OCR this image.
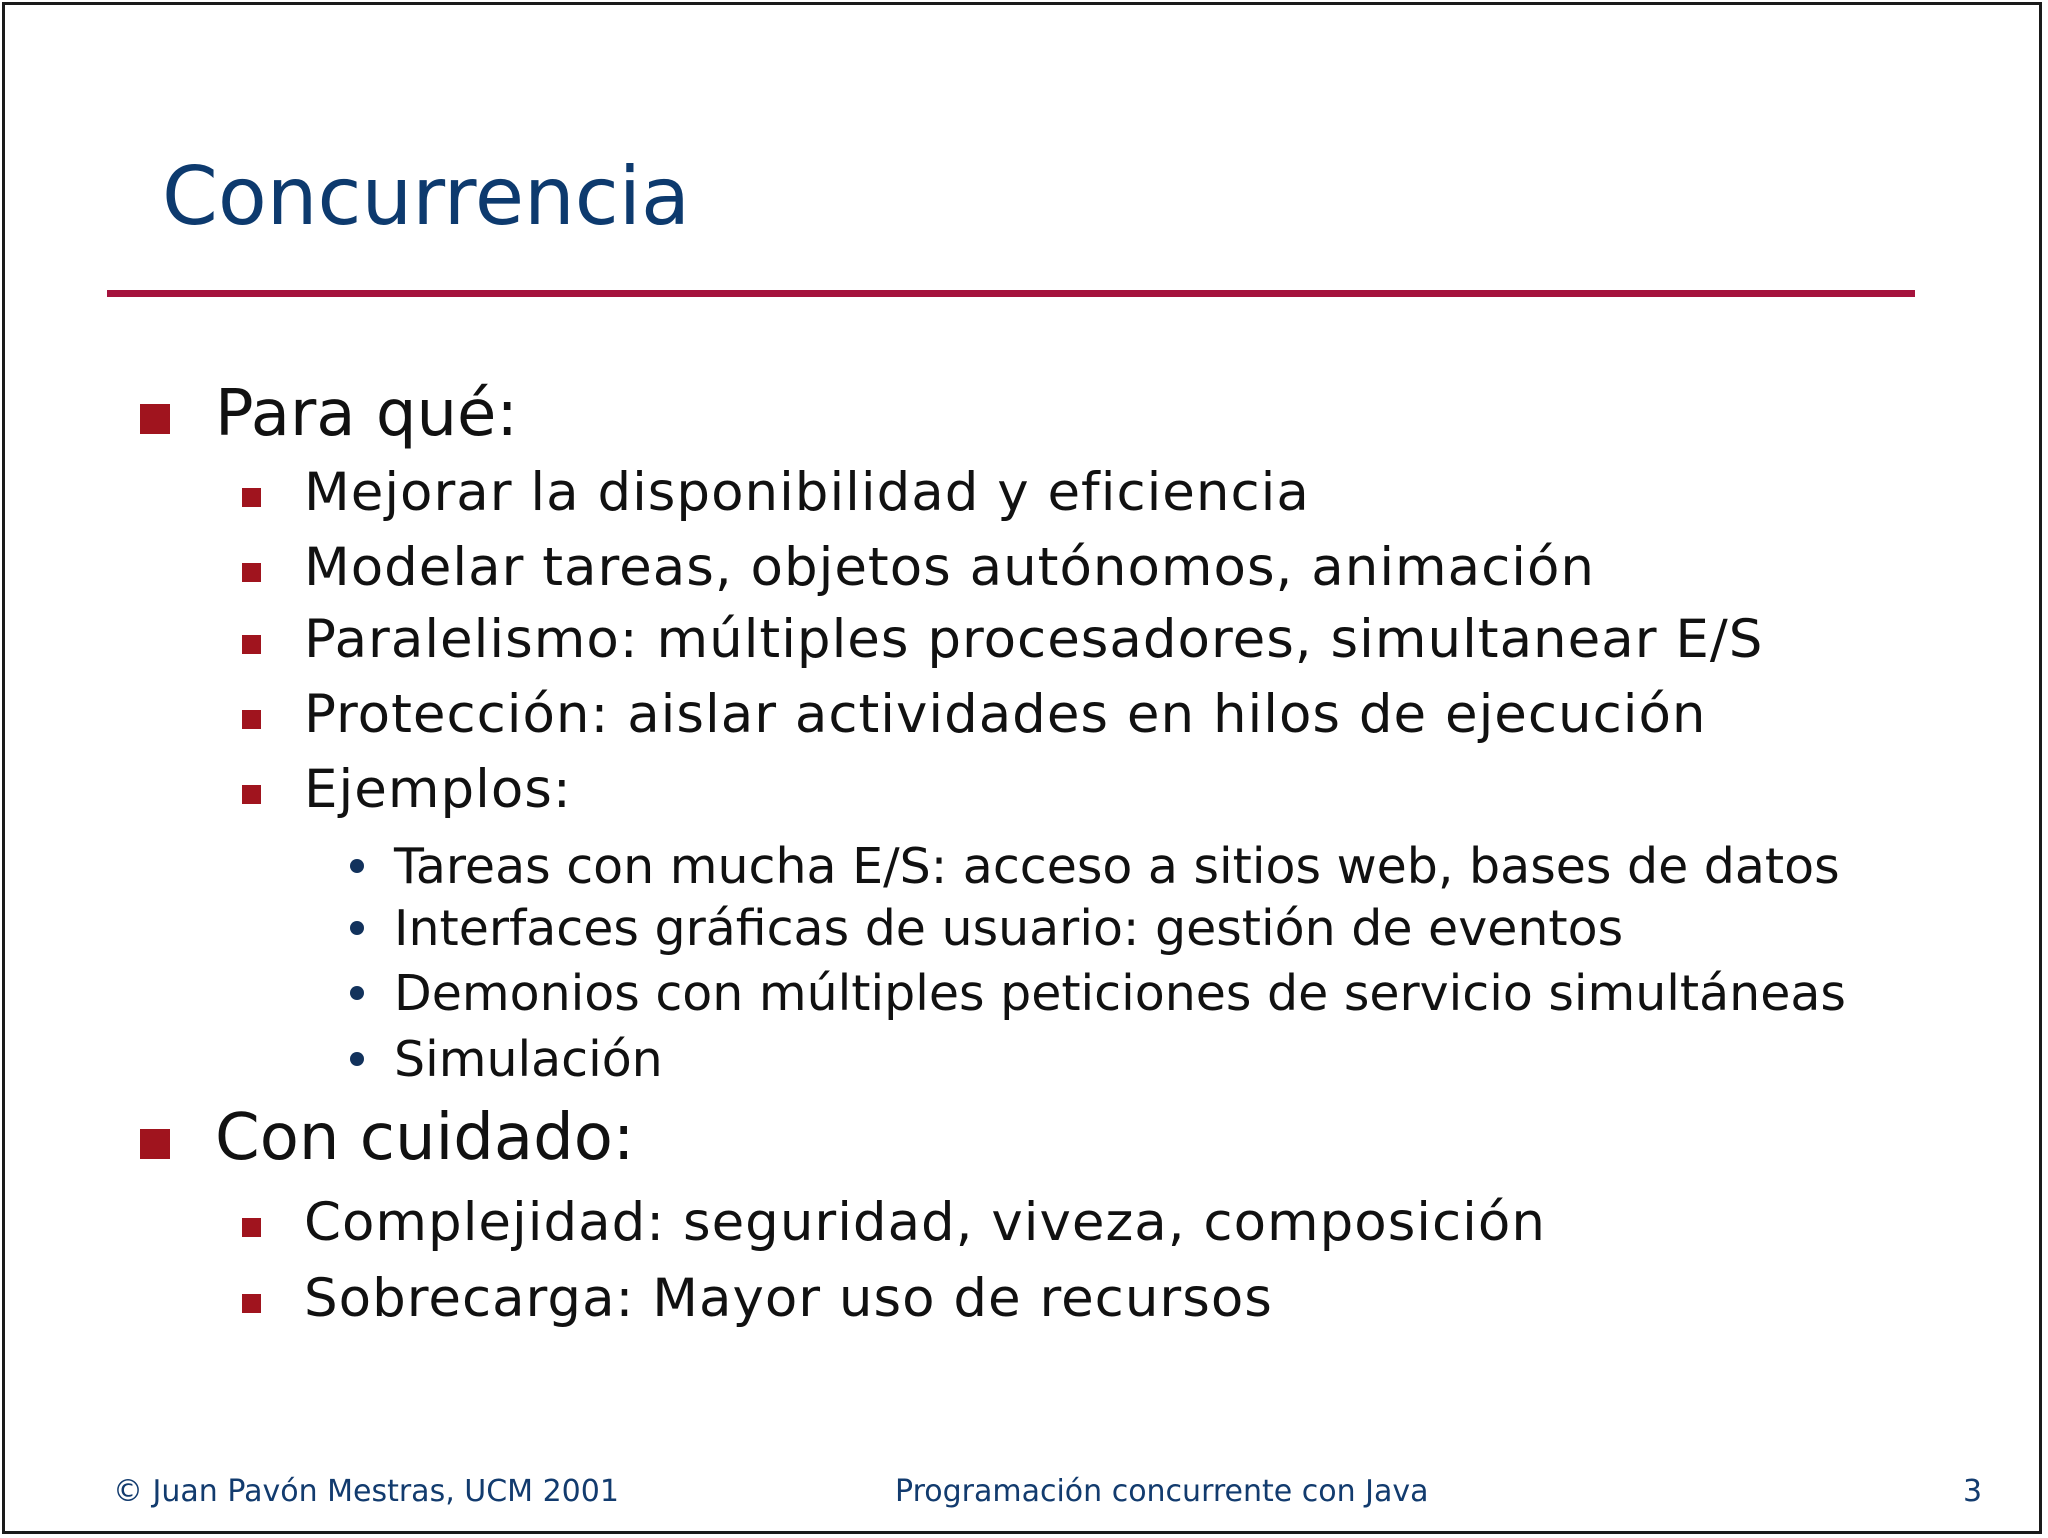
Concurrencia
Para qué:
Mejorar la disponibilidad y eficiencia
Modelar tareas, objetos autónomos, animación
Paralelismo: múltiples procesadores, simultanear E/S
Protección: aislar actividades en hilos de ejecución
Ejemplos:
Tareas con mucha E/S: acceso a sitios web, bases de datos
Interfaces gráficas de usuario: gestión de eventos
Demonios con múltiples peticiones de servicio simultáneas
Simulación
Con cuidado:
Complejidad: seguridad, viveza, composición
Sobrecarga: Mayor uso de recursos
© Juan Pavón Mestras, UCM 2001	Programación concurrente con Java	3
